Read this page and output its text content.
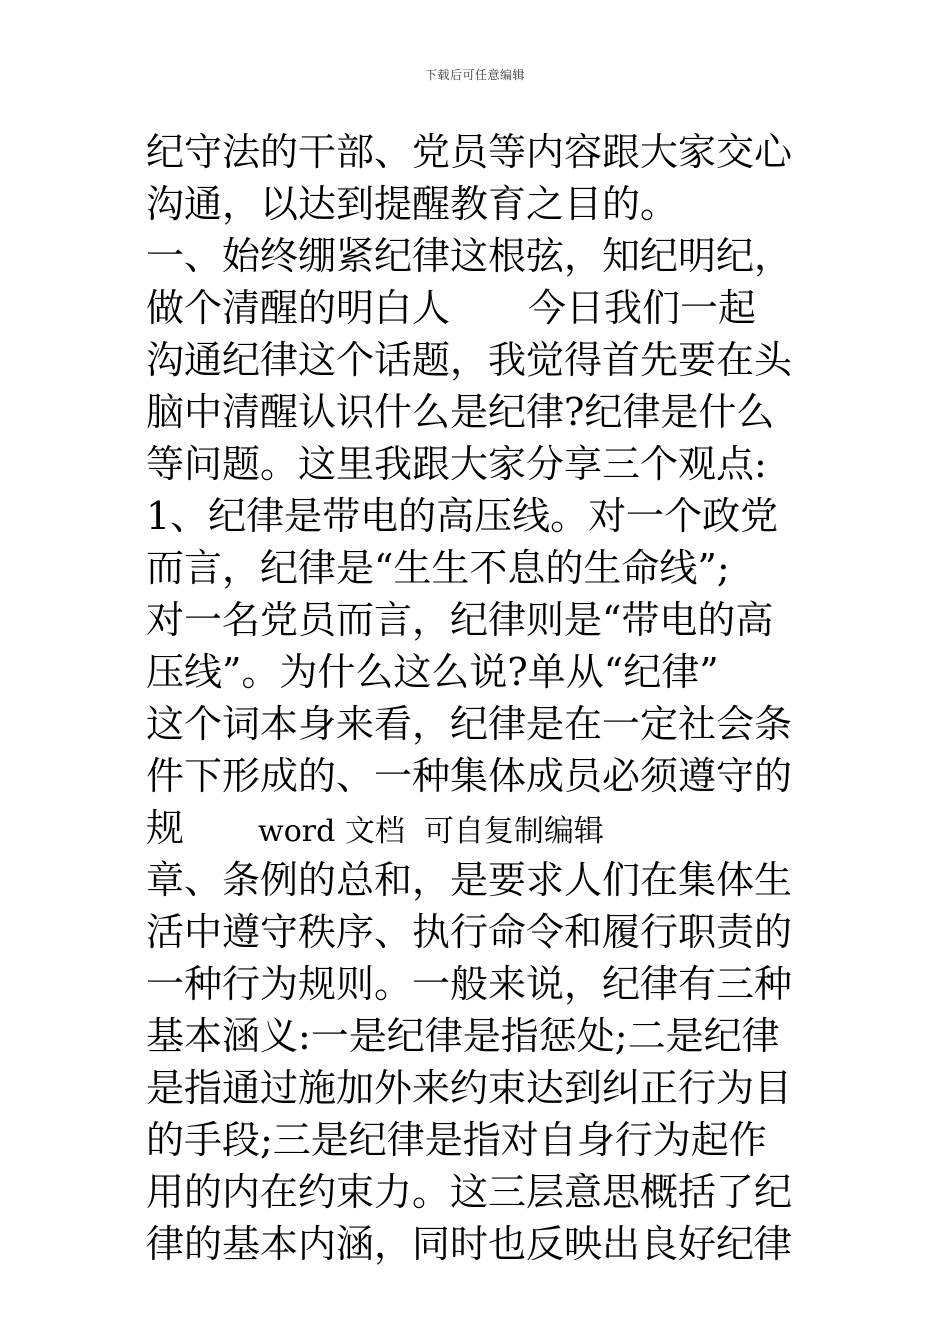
下载后可任意编辑
纪守法的干部、党员等内容跟大家交心
沟通，以达到提醒教育之目的。
一、始终绷紧纪律这根弦，知纪明纪，
做个清醒的明白人 今日我们一起
沟通纪律这个话题，我觉得首先要在头
脑中清醒认识什么是纪律?纪律是什么
等问题。这里我跟大家分享三个观点:
1、纪律是带电的高压线。对一个政党
而言，纪律是“生生不息的生命线”;
对一名党员而言，纪律则是“带电的高
压线”。为什么这么说?单从“纪律”
这个词本身来看，纪律是在一定社会条
件下形成的、一种集体成员必须遵守的
规 word 文档  可自复制编辑
章、条例的总和，是要求人们在集体生
活中遵守秩序、执行命令和履行职责的
一种行为规则。一般来说，纪律有三种
基本涵义:一是纪律是指惩处;二是纪律
是指通过施加外来约束达到纠正行为目
的手段;三是纪律是指对自身行为起作
用的内在约束力。这三层意思概括了纪
律的基本内涵，同时也反映出良好纪律
